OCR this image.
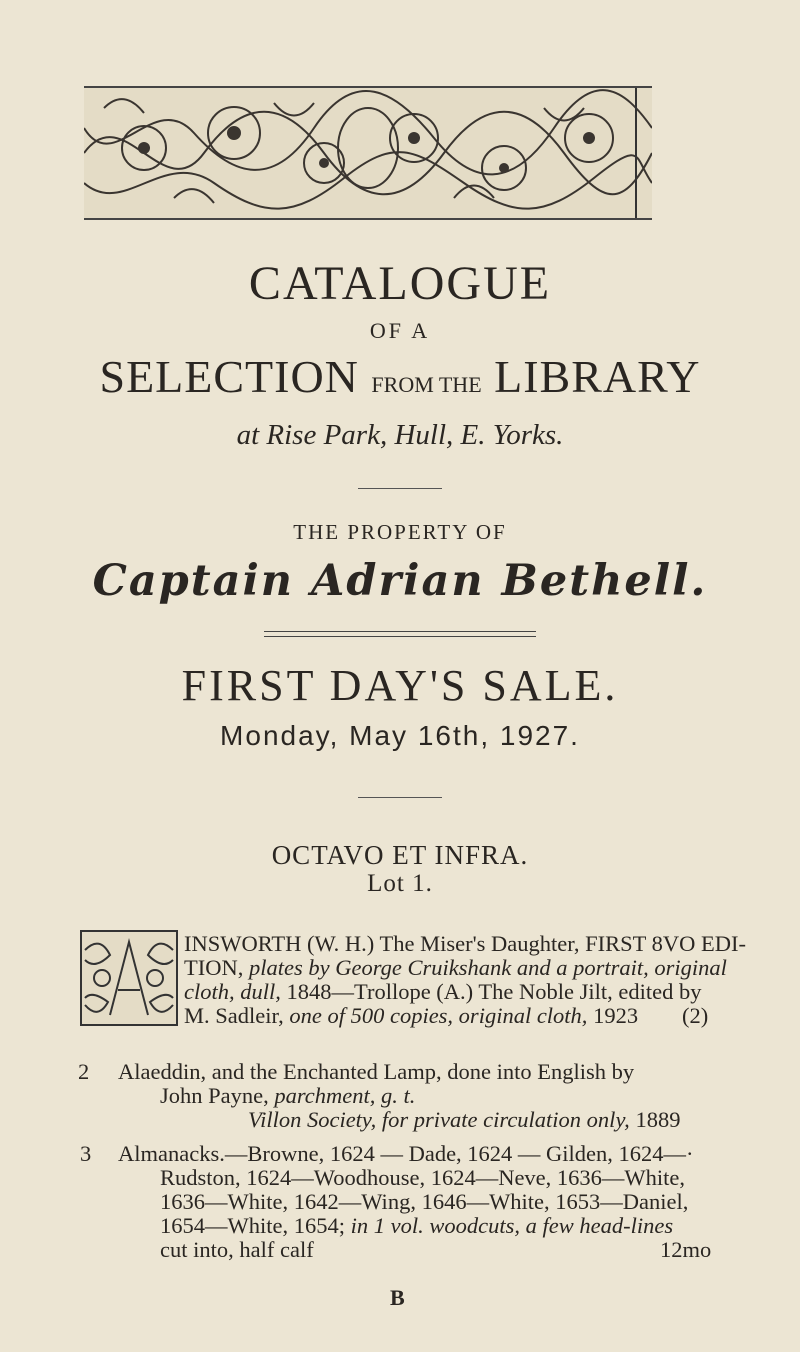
CATALOGUE
OF A
SELECTION FROM THE LIBRARY
at Rise Park, Hull, E. Yorks.
THE PROPERTY OF
Captain Adrian Bethell.
FIRST DAY'S SALE.
Monday, May 16th, 1927.
OCTAVO ET INFRA.
Lot 1.
INSWORTH (W. H.) The Miser's Daughter, FIRST 8VO EDI-
TION, plates by George Cruikshank and a portrait, original
cloth, dull, 1848—Trollope (A.) The Noble Jilt, edited by
M. Sadleir, one of 500 copies, original cloth, 1923 (2)
2 Alaeddin, and the Enchanted Lamp, done into English by
John Payne, parchment, g. t.
Villon Society, for private circulation only, 1889
3 Almanacks.—Browne, 1624 — Dade, 1624 — Gilden, 1624—·
Rudston, 1624—Woodhouse, 1624—Neve, 1636—White,
1636—White, 1642—Wing, 1646—White, 1653—Daniel,
1654—White, 1654; in 1 vol. woodcuts, a few head-lines
cut into, half calf	12mo
B
